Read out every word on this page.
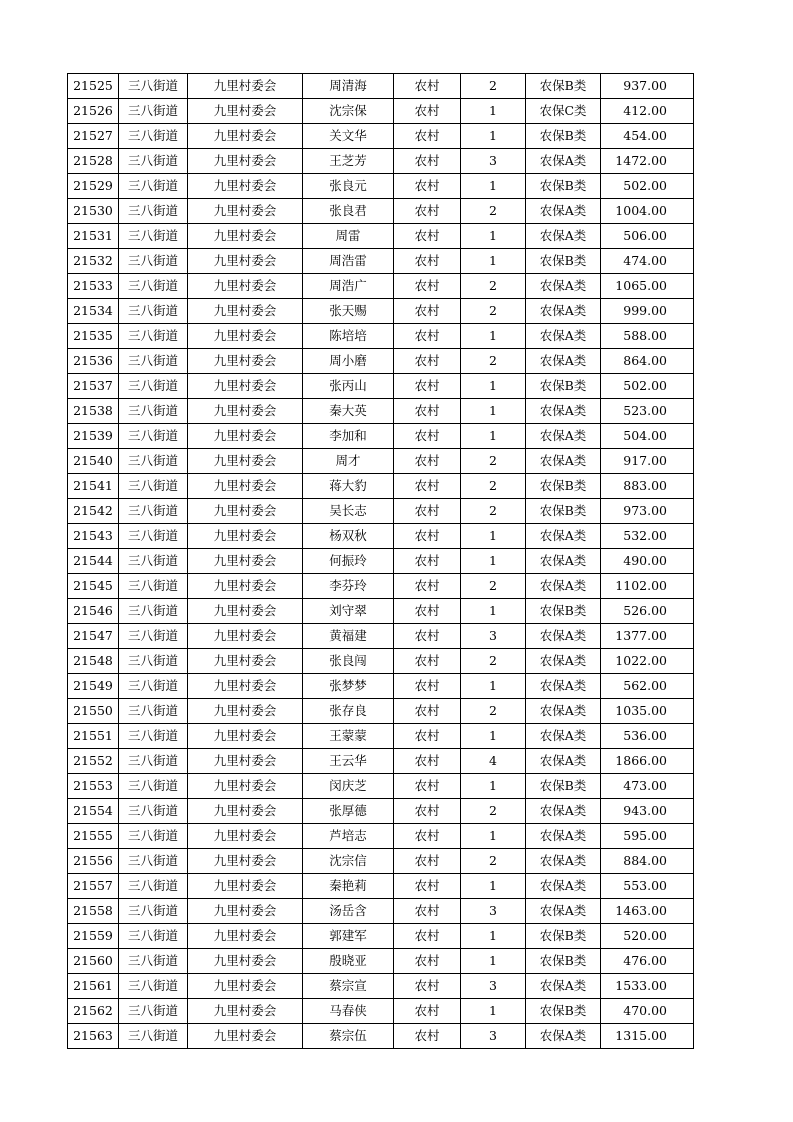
21525	三八街道	九里村委会	周清海	农村	2	农保B类	937.00
21526	三八街道	九里村委会	沈宗保	农村	1	农保C类	412.00
21527	三八街道	九里村委会	关文华	农村	1	农保B类	454.00
21528	三八街道	九里村委会	王芝芳	农村	3	农保A类	1472.00
21529	三八街道	九里村委会	张良元	农村	1	农保B类	502.00
21530	三八街道	九里村委会	张良君	农村	2	农保A类	1004.00
21531	三八街道	九里村委会	周雷	农村	1	农保A类	506.00
21532	三八街道	九里村委会	周浩雷	农村	1	农保B类	474.00
21533	三八街道	九里村委会	周浩广	农村	2	农保A类	1065.00
21534	三八街道	九里村委会	张天赐	农村	2	农保A类	999.00
21535	三八街道	九里村委会	陈培培	农村	1	农保A类	588.00
21536	三八街道	九里村委会	周小磨	农村	2	农保A类	864.00
21537	三八街道	九里村委会	张丙山	农村	1	农保B类	502.00
21538	三八街道	九里村委会	秦大英	农村	1	农保A类	523.00
21539	三八街道	九里村委会	李加和	农村	1	农保A类	504.00
21540	三八街道	九里村委会	周才	农村	2	农保A类	917.00
21541	三八街道	九里村委会	蒋大豹	农村	2	农保B类	883.00
21542	三八街道	九里村委会	吴长志	农村	2	农保B类	973.00
21543	三八街道	九里村委会	杨双秋	农村	1	农保A类	532.00
21544	三八街道	九里村委会	何振玲	农村	1	农保A类	490.00
21545	三八街道	九里村委会	李芬玲	农村	2	农保A类	1102.00
21546	三八街道	九里村委会	刘守翠	农村	1	农保B类	526.00
21547	三八街道	九里村委会	黄福建	农村	3	农保A类	1377.00
21548	三八街道	九里村委会	张良闯	农村	2	农保A类	1022.00
21549	三八街道	九里村委会	张梦梦	农村	1	农保A类	562.00
21550	三八街道	九里村委会	张存良	农村	2	农保A类	1035.00
21551	三八街道	九里村委会	王蒙蒙	农村	1	农保A类	536.00
21552	三八街道	九里村委会	王云华	农村	4	农保A类	1866.00
21553	三八街道	九里村委会	闵庆芝	农村	1	农保B类	473.00
21554	三八街道	九里村委会	张厚德	农村	2	农保A类	943.00
21555	三八街道	九里村委会	芦培志	农村	1	农保A类	595.00
21556	三八街道	九里村委会	沈宗信	农村	2	农保A类	884.00
21557	三八街道	九里村委会	秦艳莉	农村	1	农保A类	553.00
21558	三八街道	九里村委会	汤岳含	农村	3	农保A类	1463.00
21559	三八街道	九里村委会	郭建军	农村	1	农保B类	520.00
21560	三八街道	九里村委会	殷晓亚	农村	1	农保B类	476.00
21561	三八街道	九里村委会	蔡宗宣	农村	3	农保A类	1533.00
21562	三八街道	九里村委会	马春侠	农村	1	农保B类	470.00
21563	三八街道	九里村委会	蔡宗伍	农村	3	农保A类	1315.00
